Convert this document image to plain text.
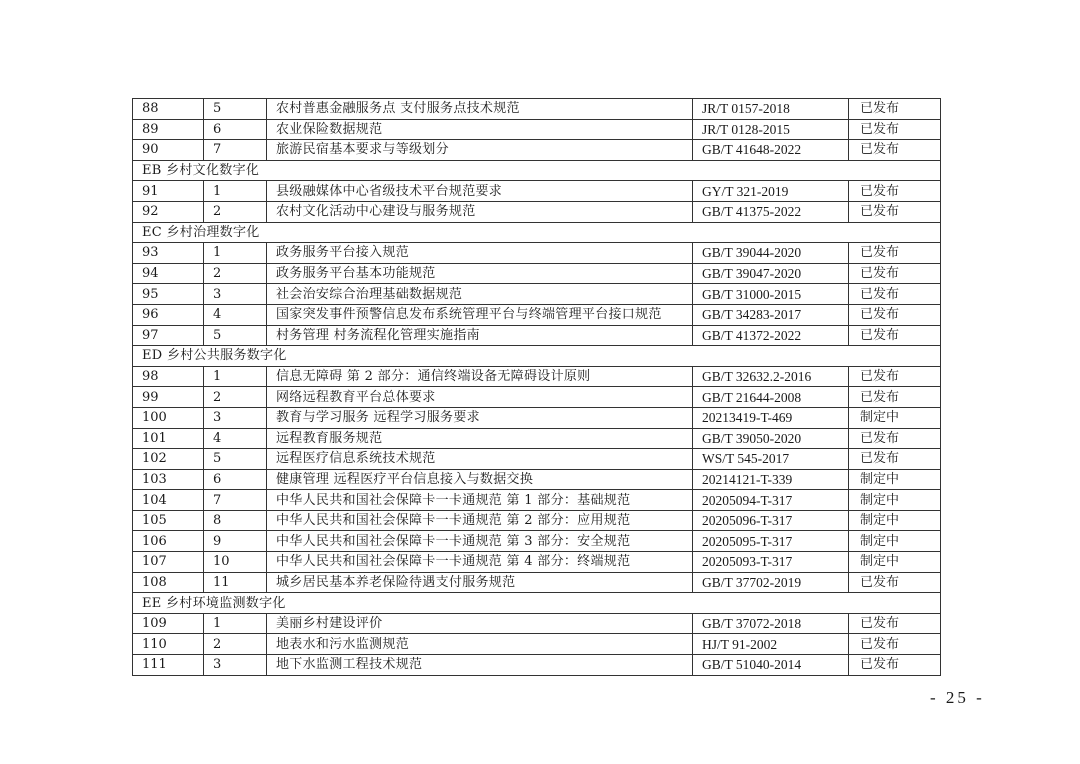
88	5	农村普惠金融服务点 支付服务点技术规范	JR/T 0157-2018	已发布
89	6	农业保险数据规范	JR/T 0128-2015	已发布
90	7	旅游民宿基本要求与等级划分	GB/T 41648-2022	已发布
EB 乡村文化数字化				
91	1	县级融媒体中心省级技术平台规范要求	GY/T 321-2019	已发布
92	2	农村文化活动中心建设与服务规范	GB/T 41375-2022	已发布
EC 乡村治理数字化				
93	1	政务服务平台接入规范	GB/T 39044-2020	已发布
94	2	政务服务平台基本功能规范	GB/T 39047-2020	已发布
95	3	社会治安综合治理基础数据规范	GB/T 31000-2015	已发布
96	4	国家突发事件预警信息发布系统管理平台与终端管理平台接口规范	GB/T 34283-2017	已发布
97	5	村务管理 村务流程化管理实施指南	GB/T 41372-2022	已发布
ED 乡村公共服务数字化				
98	1	信息无障碍 第 2 部分：通信终端设备无障碍设计原则	GB/T 32632.2-2016	已发布
99	2	网络远程教育平台总体要求	GB/T 21644-2008	已发布
100	3	教育与学习服务 远程学习服务要求	20213419-T-469	制定中
101	4	远程教育服务规范	GB/T 39050-2020	已发布
102	5	远程医疗信息系统技术规范	WS/T 545-2017	已发布
103	6	健康管理 远程医疗平台信息接入与数据交换	20214121-T-339	制定中
104	7	中华人民共和国社会保障卡一卡通规范 第 1 部分：基础规范	20205094-T-317	制定中
105	8	中华人民共和国社会保障卡一卡通规范 第 2 部分：应用规范	20205096-T-317	制定中
106	9	中华人民共和国社会保障卡一卡通规范 第 3 部分：安全规范	20205095-T-317	制定中
107	10	中华人民共和国社会保障卡一卡通规范 第 4 部分：终端规范	20205093-T-317	制定中
108	11	城乡居民基本养老保险待遇支付服务规范	GB/T 37702-2019	已发布
EE 乡村环境监测数字化				
109	1	美丽乡村建设评价	GB/T 37072-2018	已发布
110	2	地表水和污水监测规范	HJ/T 91-2002	已发布
111	3	地下水监测工程技术规范	GB/T 51040-2014	已发布
- 25 -
